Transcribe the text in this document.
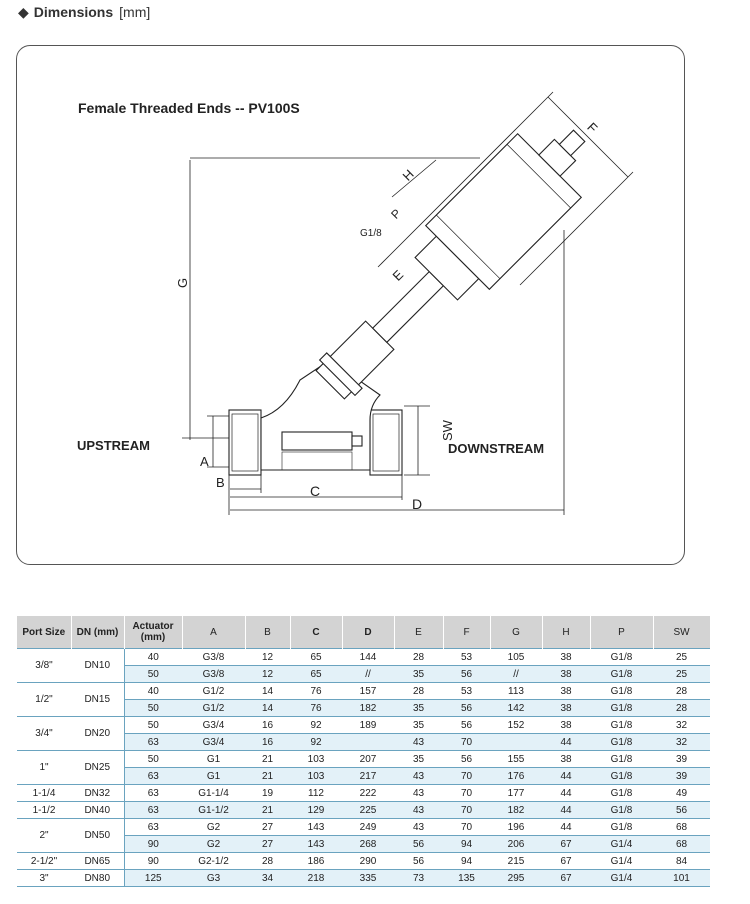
◆ Dimensions [mm]
Female Threaded Ends -- PV100S
UPSTREAM	DOWNSTREAM
G1/8
A
B
C
D
E
F
G
H
P
SW
Port Size	DN (mm)	Actuator (mm)	A	B	C	D	E	F	G	H	P	SW
3/8"	DN10	40	G3/8	12	65	144	28	53	105	38	G1/8	25
		50	G3/8	12	65	//	35	56	//	38	G1/8	25
1/2"	DN15	40	G1/2	14	76	157	28	53	113	38	G1/8	28
		50	G1/2	14	76	182	35	56	142	38	G1/8	28
3/4"	DN20	50	G3/4	16	92	189	35	56	152	38	G1/8	32
		63	G3/4	16	92		43	70		44	G1/8	32
1"	DN25	50	G1	21	103	207	35	56	155	38	G1/8	39
		63	G1	21	103	217	43	70	176	44	G1/8	39
1-1/4	DN32	63	G1-1/4	19	112	222	43	70	177	44	G1/8	49
1-1/2	DN40	63	G1-1/2	21	129	225	43	70	182	44	G1/8	56
2"	DN50	63	G2	27	143	249	43	70	196	44	G1/8	68
		90	G2	27	143	268	56	94	206	67	G1/4	68
2-1/2"	DN65	90	G2-1/2	28	186	290	56	94	215	67	G1/4	84
3"	DN80	125	G3	34	218	335	73	135	295	67	G1/4	101
